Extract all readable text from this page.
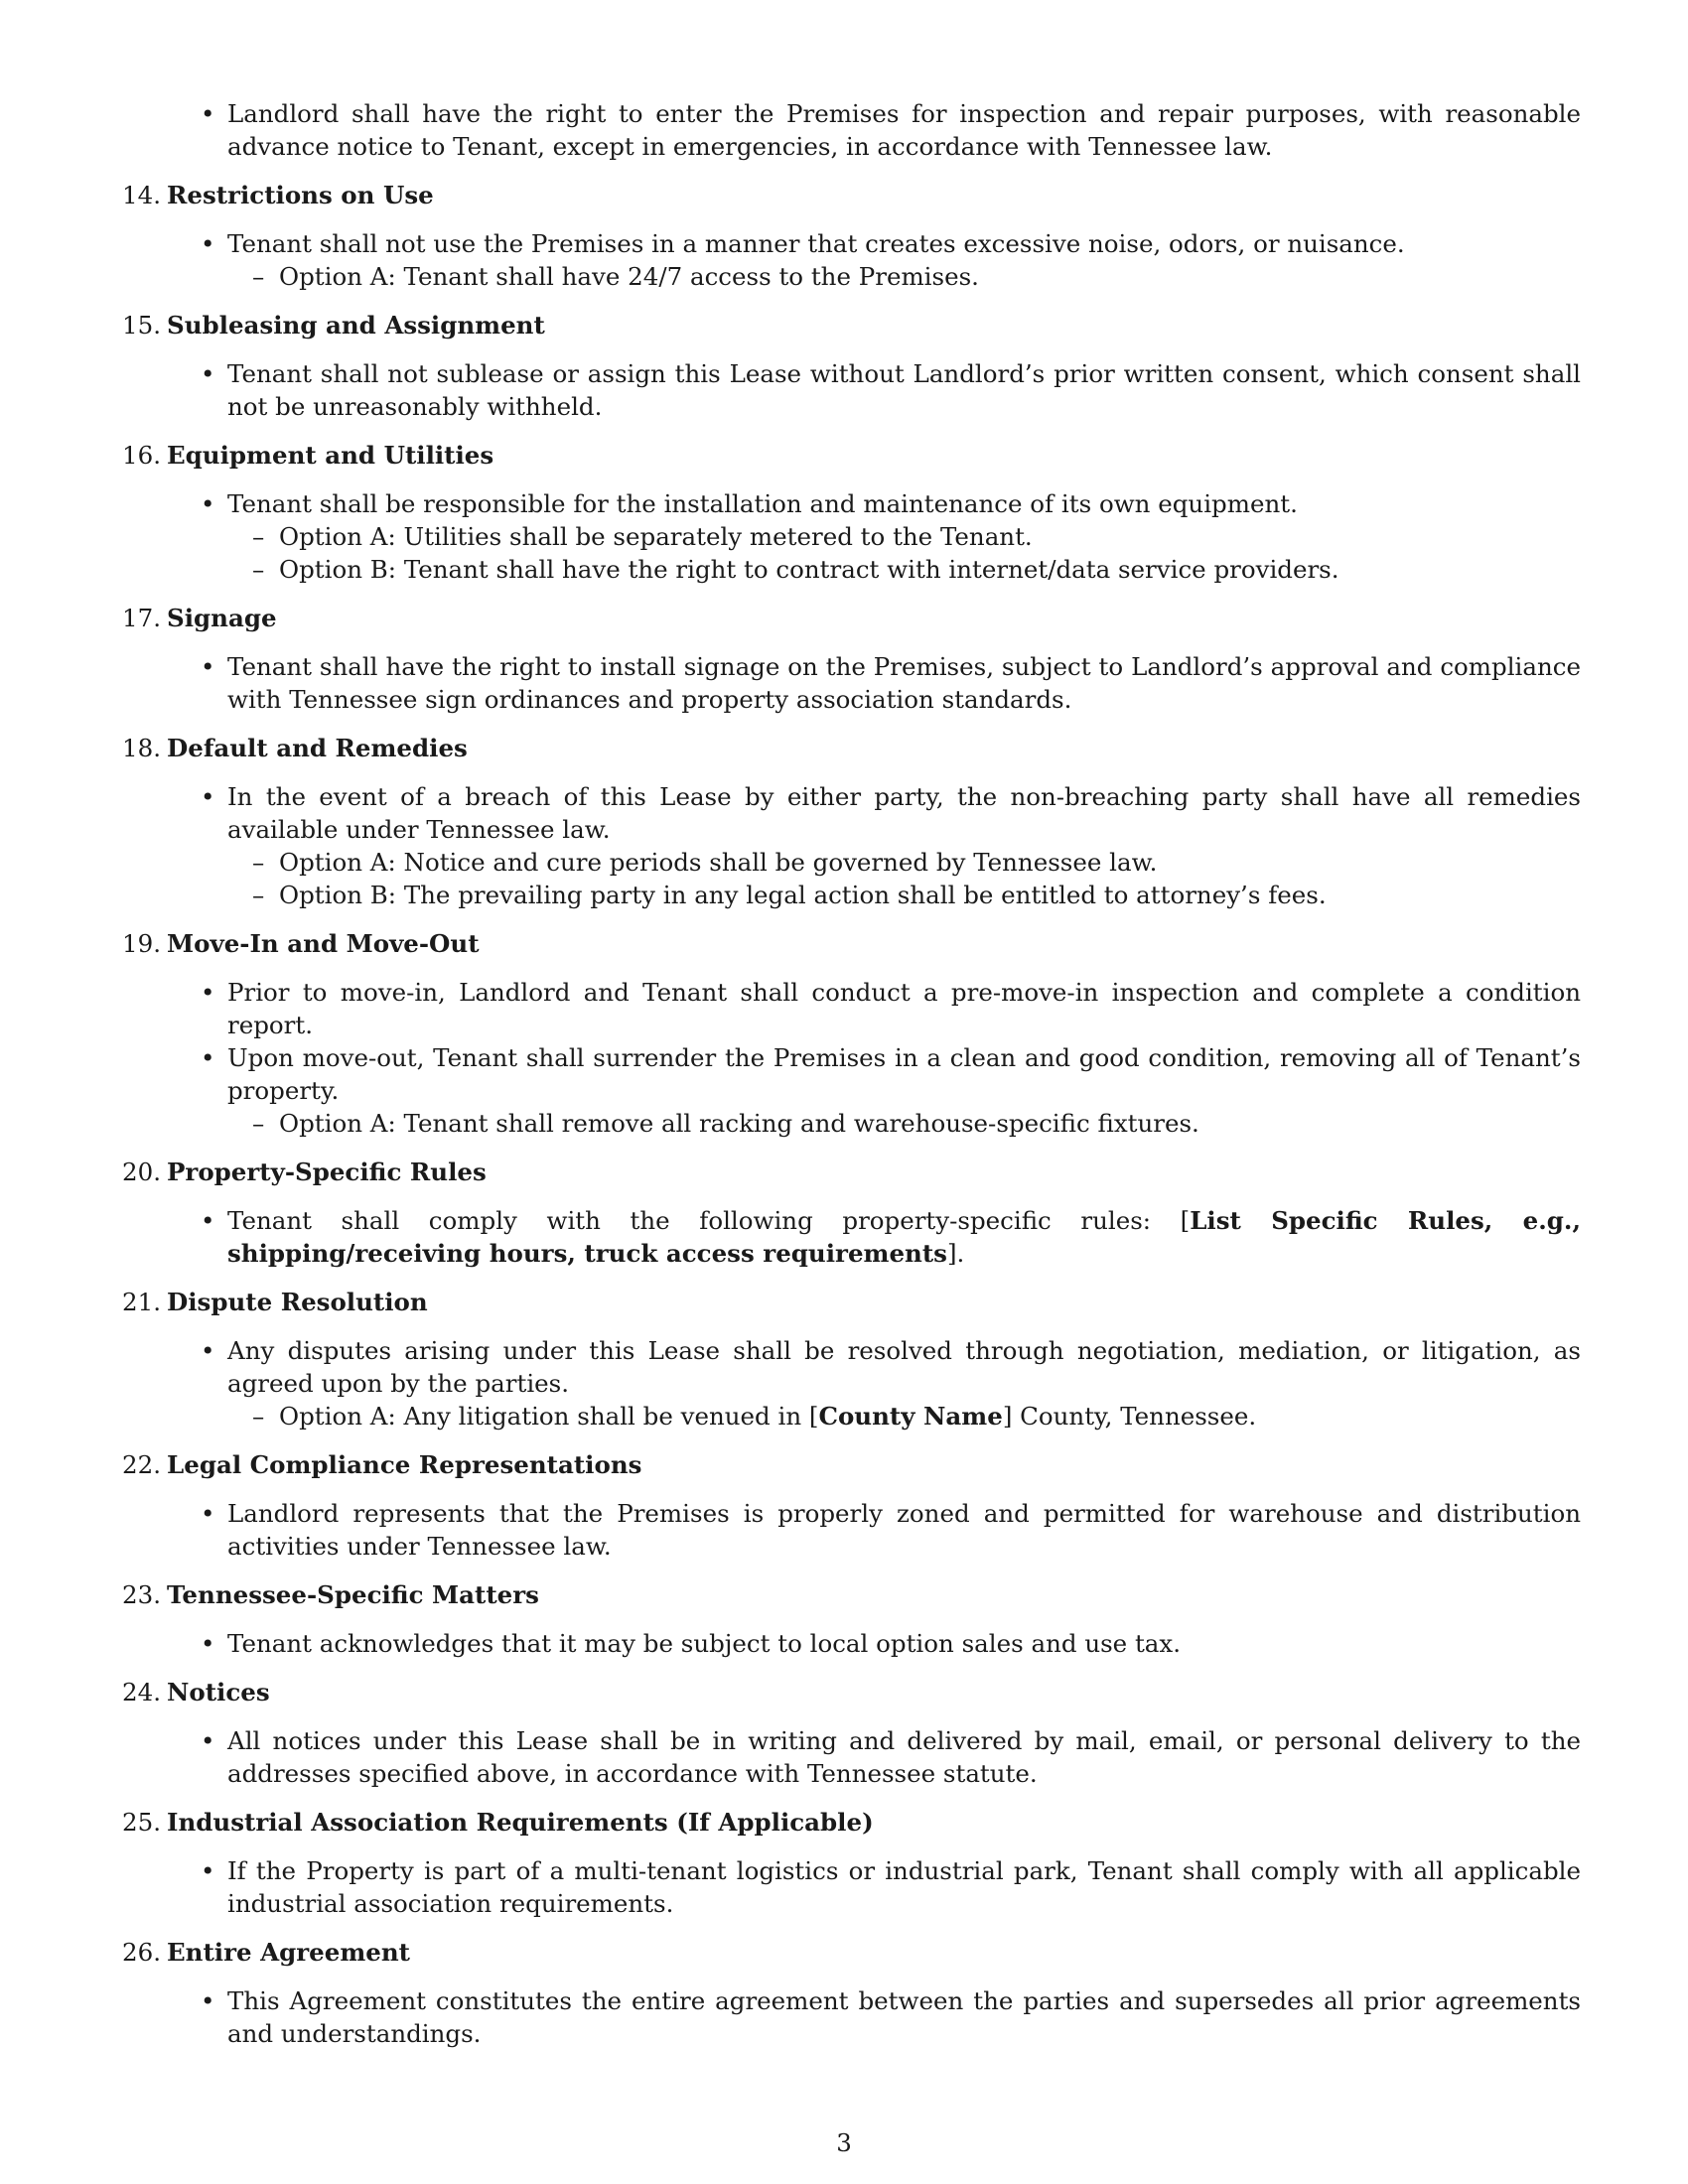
• Landlord shall have the right to enter the Premises for inspection and repair purposes, with reasonable advance notice to Tenant, except in emergencies, in accordance with Tennessee law.

14. Restrictions on Use

• Tenant shall not use the Premises in a manner that creates excessive noise, odors, or nuisance.

– Option A: Tenant shall have 24/7 access to the Premises.

15. Subleasing and Assignment

• Tenant shall not sublease or assign this Lease without Landlord’s prior written consent, which consent shall not be unreasonably withheld.

16. Equipment and Utilities

• Tenant shall be responsible for the installation and maintenance of its own equipment.

– Option A: Utilities shall be separately metered to the Tenant.

– Option B: Tenant shall have the right to contract with internet/data service providers.

17. Signage

• Tenant shall have the right to install signage on the Premises, subject to Landlord’s approval and compliance with Tennessee sign ordinances and property association standards.

18. Default and Remedies

• In the event of a breach of this Lease by either party, the non-breaching party shall have all remedies available under Tennessee law.

– Option A: Notice and cure periods shall be governed by Tennessee law.

– Option B: The prevailing party in any legal action shall be entitled to attorney’s fees.

19. Move-In and Move-Out

• Prior to move-in, Landlord and Tenant shall conduct a pre-move-in inspection and complete a condition report.

• Upon move-out, Tenant shall surrender the Premises in a clean and good condition, removing all of Tenant’s property.

– Option A: Tenant shall remove all racking and warehouse-specific fixtures.

20. Property-Specific Rules

• Tenant shall comply with the following property-specific rules: [List Specific Rules, e.g., shipping/receiving hours, truck access requirements].

21. Dispute Resolution

• Any disputes arising under this Lease shall be resolved through negotiation, mediation, or litigation, as agreed upon by the parties.

– Option A: Any litigation shall be venued in [County Name] County, Tennessee.

22. Legal Compliance Representations

• Landlord represents that the Premises is properly zoned and permitted for warehouse and distribution activities under Tennessee law.

23. Tennessee-Specific Matters

• Tenant acknowledges that it may be subject to local option sales and use tax.

24. Notices

• All notices under this Lease shall be in writing and delivered by mail, email, or personal delivery to the addresses specified above, in accordance with Tennessee statute.

25. Industrial Association Requirements (If Applicable)

• If the Property is part of a multi-tenant logistics or industrial park, Tenant shall comply with all applicable industrial association requirements.

26. Entire Agreement

• This Agreement constitutes the entire agreement between the parties and supersedes all prior agreements and understandings.

3
